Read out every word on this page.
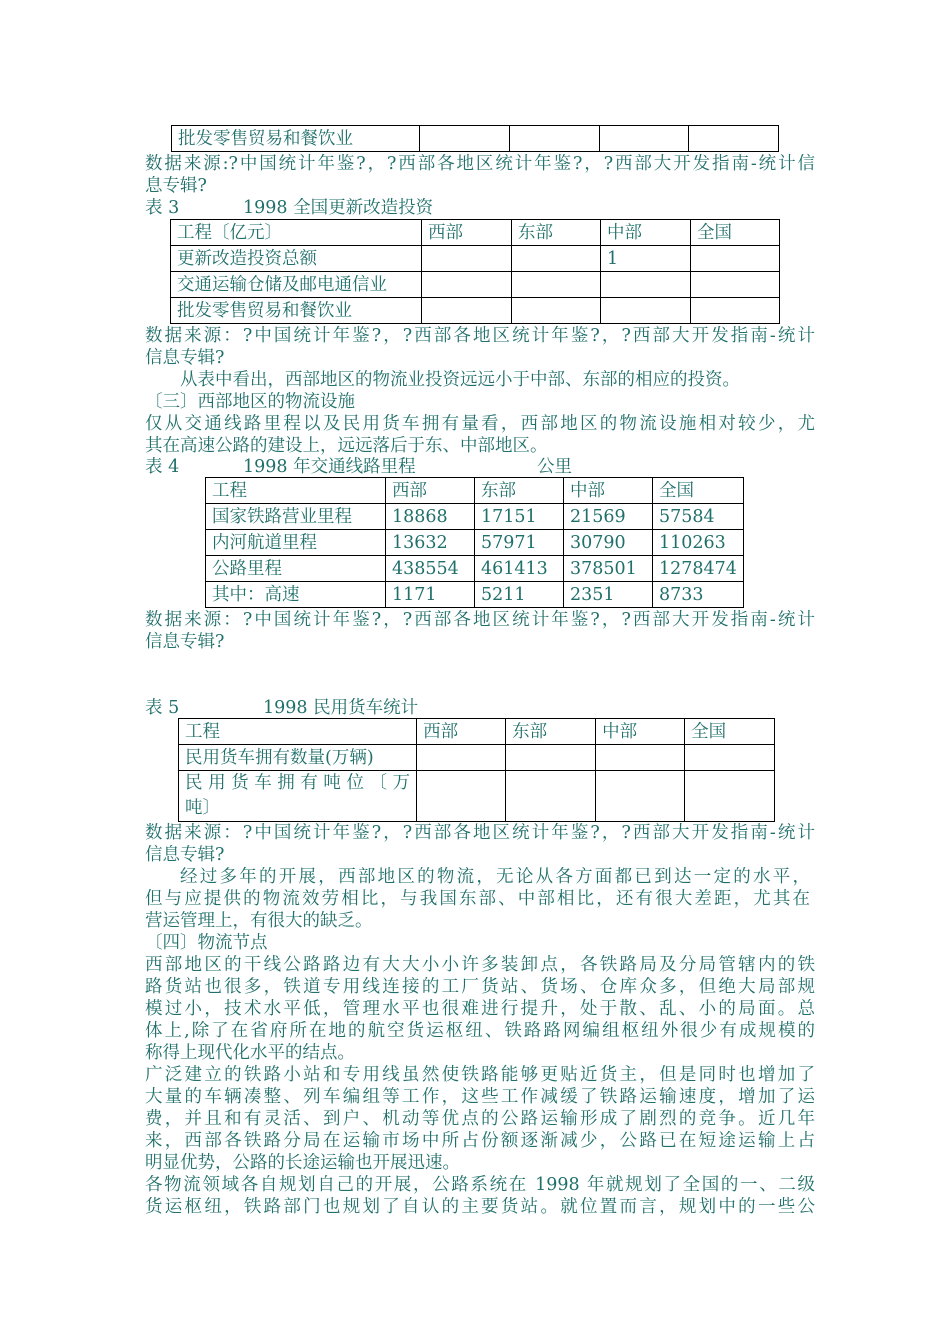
批发零售贸易和餐饮业				
数据来源:?中国统计年鉴?，?西部各地区统计年鉴?，?西部大开发指南-统计信
息专辑?
表 3	1998 全国更新改造投资
工程〔亿元〕	西部	东部	中部	全国
更新改造投资总额			1	
交通运输仓储及邮电通信业				
批发零售贸易和餐饮业				
数据来源：?中国统计年鉴?，?西部各地区统计年鉴?，?西部大开发指南-统计
信息专辑?
从表中看出，西部地区的物流业投资远远小于中部、东部的相应的投资。
〔三〕西部地区的物流设施
仅从交通线路里程以及民用货车拥有量看，西部地区的物流设施相对较少，尤
其在高速公路的建设上，远远落后于东、中部地区。
表 4	1998 年交通线路里程	公里
工程	西部	东部	中部	全国
国家铁路营业里程	18868	17151	21569	57584
内河航道里程	13632	57971	30790	110263
公路里程	438554	461413	378501	1278474
其中：高速	1171	5211	2351	8733
数据来源：?中国统计年鉴?，?西部各地区统计年鉴?，?西部大开发指南-统计
信息专辑?
表 5	1998 民用货车统计
工程	西部	东部	中部	全国
民用货车拥有数量(万辆)				

民 用 货 车 拥 有 吨 位 〔 万
吨〕				

数据来源：?中国统计年鉴?，?西部各地区统计年鉴?，?西部大开发指南-统计
信息专辑?
经过多年的开展，西部地区的物流，无论从各方面都已到达一定的水平，
但与应提供的物流效劳相比，与我国东部、中部相比，还有很大差距，尤其在
营运管理上，有很大的缺乏。
〔四〕物流节点
西部地区的干线公路路边有大大小小许多装卸点，各铁路局及分局管辖内的铁
路货站也很多，铁道专用线连接的工厂货站、货场、仓库众多，但绝大局部规
模过小，技术水平低，管理水平也很难进行提升，处于散、乱、小的局面。总
体上,除了在省府所在地的航空货运枢纽、铁路路网编组枢纽外很少有成规模的
称得上现代化水平的结点。
广泛建立的铁路小站和专用线虽然使铁路能够更贴近货主，但是同时也增加了
大量的车辆凑整、列车编组等工作，这些工作减缓了铁路运输速度，增加了运
费，并且和有灵活、到户、机动等优点的公路运输形成了剧烈的竞争。近几年
来，西部各铁路分局在运输市场中所占份额逐渐减少，公路已在短途运输上占
明显优势，公路的长途运输也开展迅速。
各物流领域各自规划自己的开展，公路系统在 1998 年就规划了全国的一、二级
货运枢纽，铁路部门也规划了自认的主要货站。就位置而言，规划中的一些公
